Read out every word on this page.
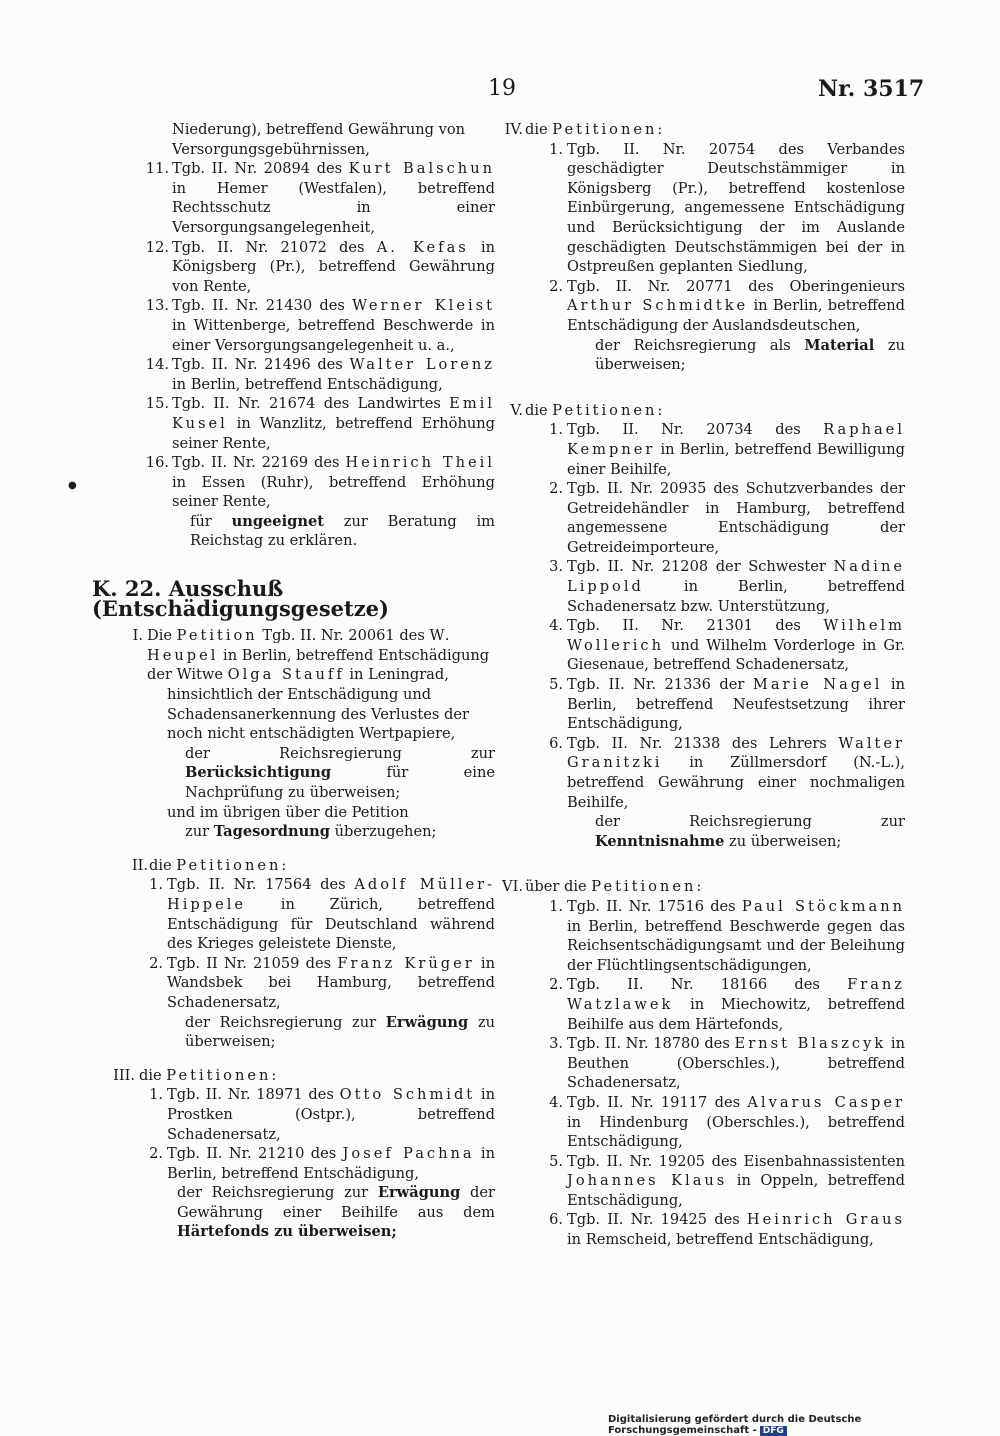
19	Nr. 3517
●

Niederung), betreffend Gewährung von

Versorgungsgebührnissen,

11. Tgb. II. Nr. 20894 des Kurt Balschun in Hemer (Westfalen), betreffend Rechtsschutz in einer Versorgungsangelegenheit,

12. Tgb. II. Nr. 21072 des A. Kefas in Königsberg (Pr.), betreffend Gewährung von Rente,

13. Tgb. II. Nr. 21430 des Werner Kleist in Wittenberge, betreffend Beschwerde in einer Versorgungsangelegenheit u. a.,

14. Tgb. II. Nr. 21496 des Walter Lorenz in Berlin, betreffend Entschädigung,

15. Tgb. II. Nr. 21674 des Landwirtes Emil Kusel in Wanzlitz, betreffend Erhöhung seiner Rente,

16. Tgb. II. Nr. 22169 des Heinrich Theil in Essen (Ruhr), betreffend Erhöhung seiner Rente,

für ungeeignet zur Beratung im Reichstag zu erklären.

K. 22. Ausschuß (Entschädigungsgesetze)

I. Die Petition Tgb. II. Nr. 20061 des W. Heupel in Berlin, betreffend Entschädigung der Witwe Olga Stauff in Leningrad,

hinsichtlich der Entschädigung und Schadensanerkennung des Verlustes der noch nicht entschädigten Wertpapiere,

der Reichsregierung zur Berücksichtigung für eine Nachprüfung zu überweisen;

und im übrigen über die Petition

zur Tagesordnung überzugehen;

II. die Petitionen:

1. Tgb. II. Nr. 17564 des Adolf Müller-Hippele in Zürich, betreffend Entschädigung für Deutschland während des Krieges geleistete Dienste,

2. Tgb. II Nr. 21059 des Franz Krüger in Wandsbek bei Hamburg, betreffend Schadenersatz,

der Reichsregierung zur Erwägung zu überweisen;

III. die Petitionen:

1. Tgb. II. Nr. 18971 des Otto Schmidt in Prostken (Ostpr.), betreffend Schadenersatz,

2. Tgb. II. Nr. 21210 des Josef Pachna in Berlin, betreffend Entschädigung,

der Reichsregierung zur Erwägung der Gewährung einer Beihilfe aus dem Härtefonds zu überweisen;

IV. die Petitionen:

1. Tgb. II. Nr. 20754 des Verbandes geschädigter Deutschstämmiger in Königsberg (Pr.), betreffend kostenlose Einbürgerung, angemessene Entschädigung und Berücksichtigung der im Auslande geschädigten Deutschstämmigen bei der in Ostpreußen geplanten Siedlung,

2. Tgb. II. Nr. 20771 des Oberingenieurs Arthur Schmidtke in Berlin, betreffend Entschädigung der Auslandsdeutschen,

der Reichsregierung als Material zu überweisen;

V. die Petitionen:

1. Tgb. II. Nr. 20734 des Raphael Kempner in Berlin, betreffend Bewilligung einer Beihilfe,

2. Tgb. II. Nr. 20935 des Schutzverbandes der Getreidehändler in Hamburg, betreffend angemessene Entschädigung der Getreideimporteure,

3. Tgb. II. Nr. 21208 der Schwester Nadine Lippold in Berlin, betreffend Schadenersatz bzw. Unterstützung,

4. Tgb. II. Nr. 21301 des Wilhelm Wollerich und Wilhelm Vorderloge in Gr. Giesenaue, betreffend Schadenersatz,

5. Tgb. II. Nr. 21336 der Marie Nagel in Berlin, betreffend Neufestsetzung ihrer Entschädigung,

6. Tgb. II. Nr. 21338 des Lehrers Walter Granitzki in Züllmersdorf (N.-L.), betreffend Gewährung einer nochmaligen Beihilfe,

der Reichsregierung zur Kenntnisnahme zu überweisen;

VI. über die Petitionen:

1. Tgb. II. Nr. 17516 des Paul Stöckmann in Berlin, betreffend Beschwerde gegen das Reichsentschädigungsamt und der Beleihung der Flüchtlingsentschädigungen,

2. Tgb. II. Nr. 18166 des Franz Watzlawek in Miechowitz, betreffend Beihilfe aus dem Härtefonds,

3. Tgb. II. Nr. 18780 des Ernst Blaszcyk in Beuthen (Oberschles.), betreffend Schadenersatz,

4. Tgb. II. Nr. 19117 des Alvarus Casper in Hindenburg (Oberschles.), betreffend Entschädigung,

5. Tgb. II. Nr. 19205 des Eisenbahnassistenten Johannes Klaus in Oppeln, betreffend Entschädigung,

6. Tgb. II. Nr. 19425 des Heinrich Graus in Remscheid, betreffend Entschädigung,

Digitalisierung gefördert durch die Deutsche Forschungsgemeinschaft - DFG
